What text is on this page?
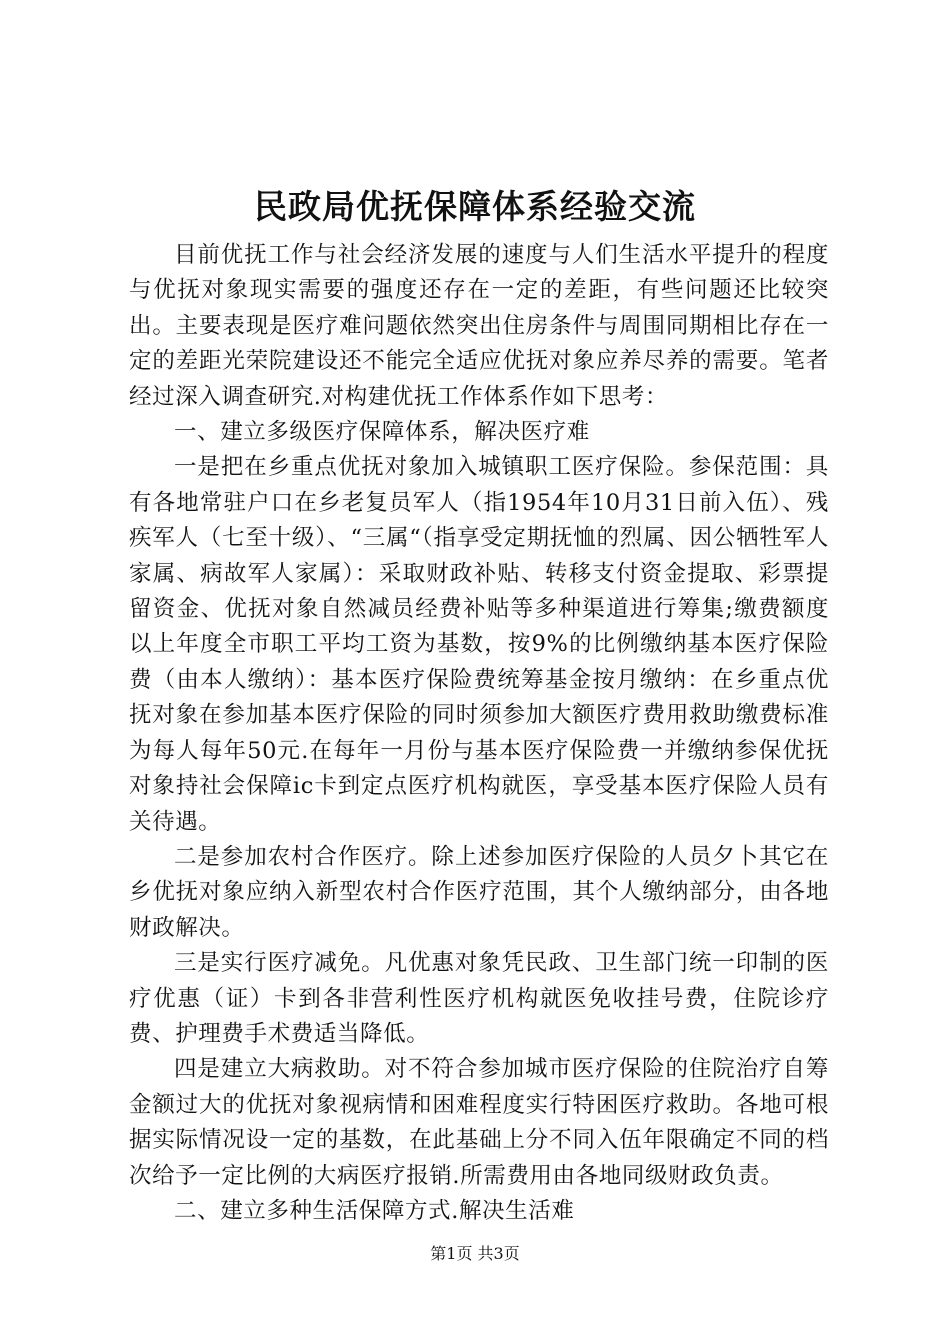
民政局优抚保障体系经验交流

目前优抚工作与社会经济发展的速度与人们生活水平提升的程度与优抚对象现实需要的强度还存在一定的差距，有些问题还比较突出。主要表现是医疗难问题依然突出住房条件与周围同期相比存在一定的差距光荣院建设还不能完全适应优抚对象应养尽养的需要。笔者经过深入调查研究.对构建优抚工作体系作如下思考：

一、建立多级医疗保障体系，解决医疗难

一是把在乡重点优抚对象加入城镇职工医疗保险。参保范围：具有各地常驻户口在乡老复员军人（指1954年10月31日前入伍）、残疾军人（七至十级）、“三属“（指享受定期抚恤的烈属、因公牺牲军人家属、病故军人家属）：采取财政补贴、转移支付资金提取、彩票提留资金、优抚对象自然减员经费补贴等多种渠道进行筹集;缴费额度以上年度全市职工平均工资为基数，按9%的比例缴纳基本医疗保险费（由本人缴纳）：基本医疗保险费统筹基金按月缴纳：在乡重点优抚对象在参加基本医疗保险的同时须参加大额医疗费用救助缴费标准为每人每年50元.在每年一月份与基本医疗保险费一并缴纳参保优抚对象持社会保障ic卡到定点医疗机构就医，享受基本医疗保险人员有关待遇。

二是参加农村合作医疗。除上述参加医疗保险的人员夕卜其它在乡优抚对象应纳入新型农村合作医疗范围，其个人缴纳部分，由各地财政解决。

三是实行医疗减免。凡优惠对象凭民政、卫生部门统一印制的医疗优惠（证）卡到各非营利性医疗机构就医免收挂号费，住院诊疗费、护理费手术费适当降低。

四是建立大病救助。对不符合参加城市医疗保险的住院治疗自筹金额过大的优抚对象视病情和困难程度实行特困医疗救助。各地可根据实际情况设一定的基数，在此基础上分不同入伍年限确定不同的档次给予一定比例的大病医疗报销.所需费用由各地同级财政负责。

二、建立多种生活保障方式.解决生活难

第1页 共3页
